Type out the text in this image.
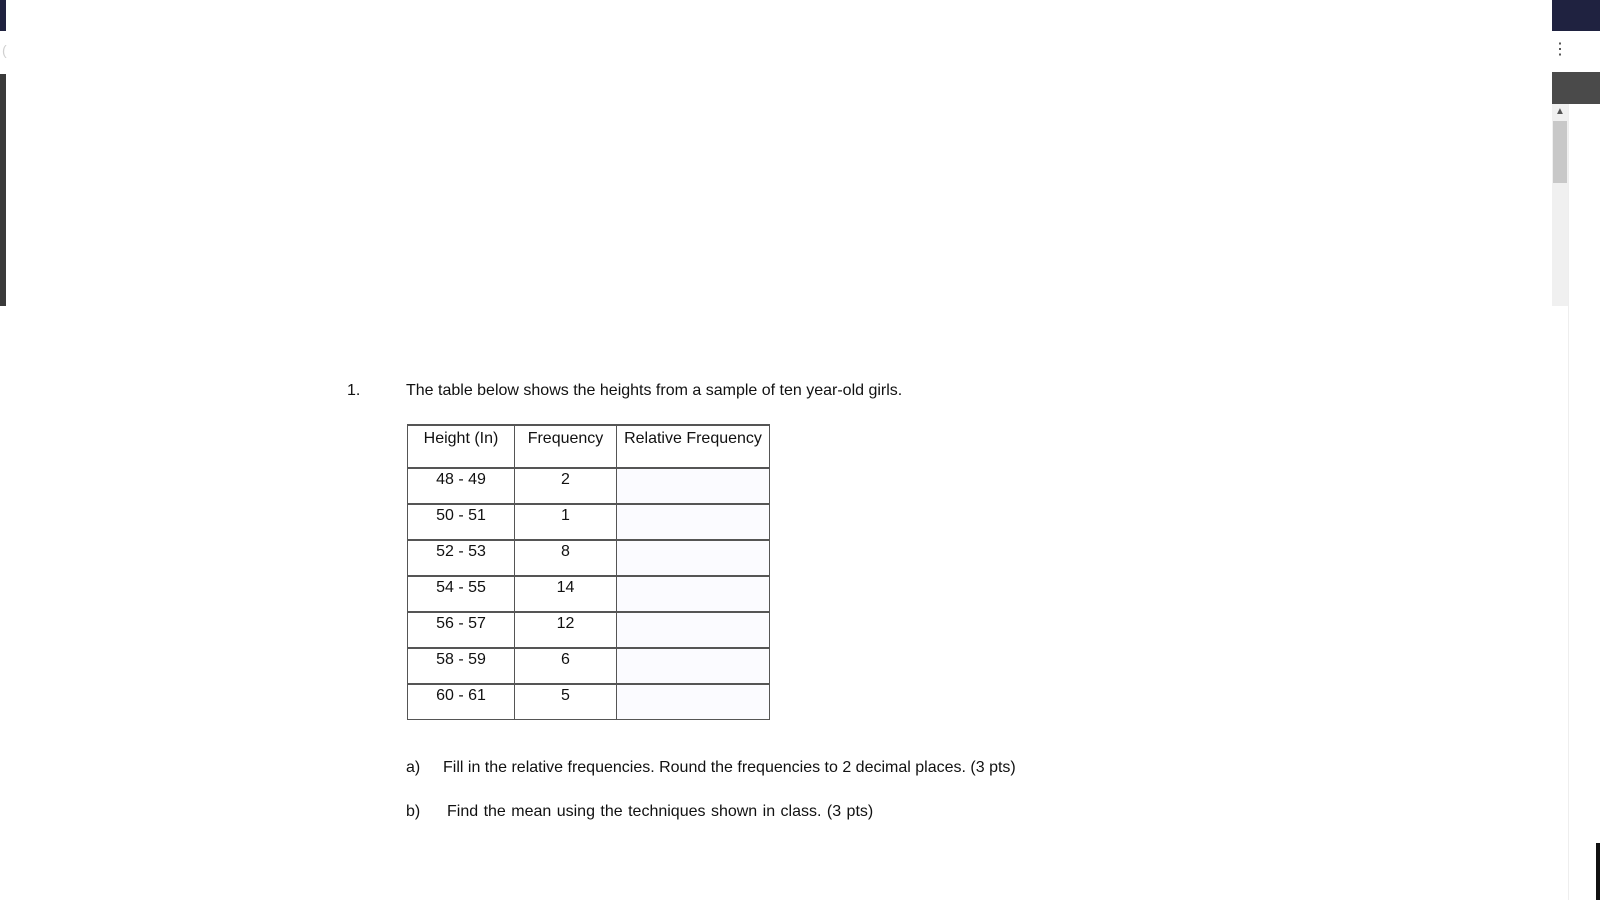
(	⋮
▲
1.	The table below shows the heights from a sample of ten year-old girls.
Height (In)	Frequency	Relative Frequency
48 - 49	2	
50 - 51	1	
52 - 53	8	
54 - 55	14	
56 - 57	12	
58 - 59	6	
60 - 61	5	
a) Fill in the relative frequencies. Round the frequencies to 2 decimal places. (3 pts)
b) Find the mean using the techniques shown in class. (3 pts)
